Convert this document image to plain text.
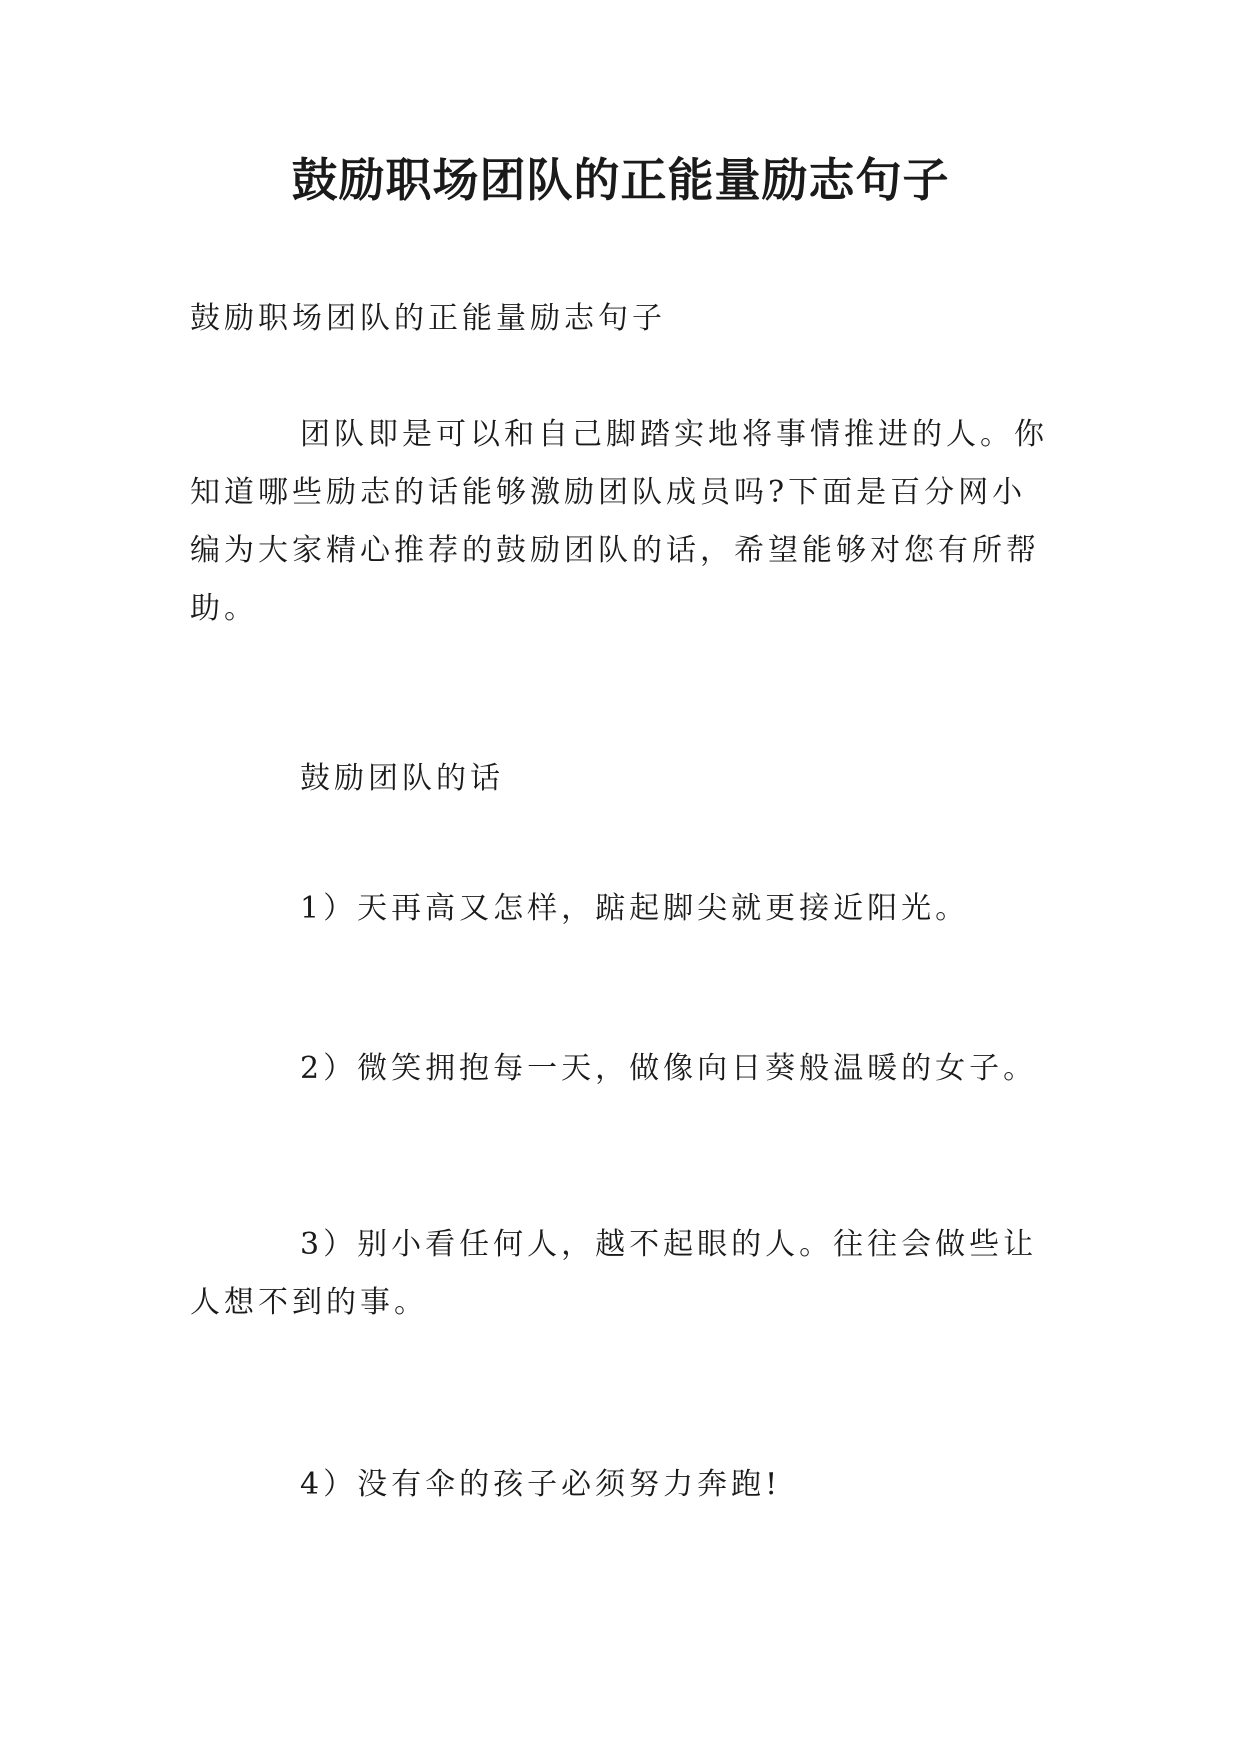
鼓励职场团队的正能量励志句子

鼓励职场团队的正能量励志句子

团队即是可以和自己脚踏实地将事情推进的人。你知道哪些励志的话能够激励团队成员吗?下面是百分网小编为大家精心推荐的鼓励团队的话，希望能够对您有所帮助。

鼓励团队的话

1）天再高又怎样，踮起脚尖就更接近阳光。

2）微笑拥抱每一天，做像向日葵般温暖的女子。

3）别小看任何人，越不起眼的人。往往会做些让人想不到的事。

4）没有伞的孩子必须努力奔跑!
